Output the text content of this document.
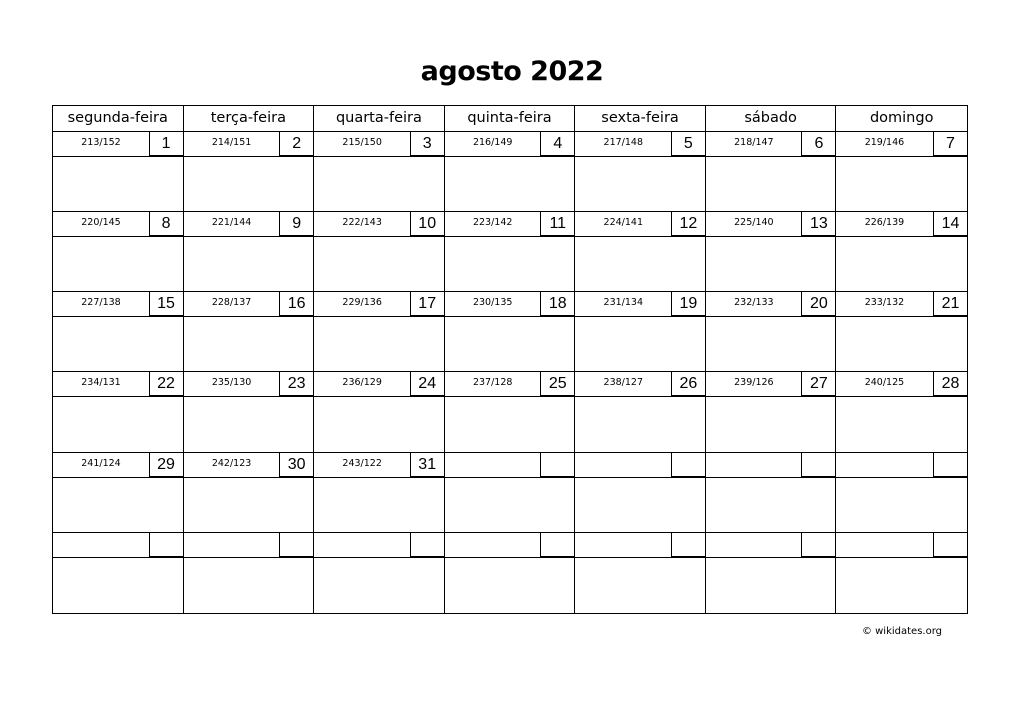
agosto 2022
segunda-feira	terça-feira	quarta-feira	quinta-feira	sexta-feira	sábado	domingo
213/152	1	214/151	2	215/150	3	216/149	4	217/148	5	218/147	6	219/146	7
220/145	8	221/144	9	222/143	10	223/142	11	224/141	12	225/140	13	226/139	14
227/138	15	228/137	16	229/136	17	230/135	18	231/134	19	232/133	20	233/132	21
234/131	22	235/130	23	236/129	24	237/128	25	238/127	26	239/126	27	240/125	28
241/124	29	242/123	30	243/122	31
© wikidates.org
